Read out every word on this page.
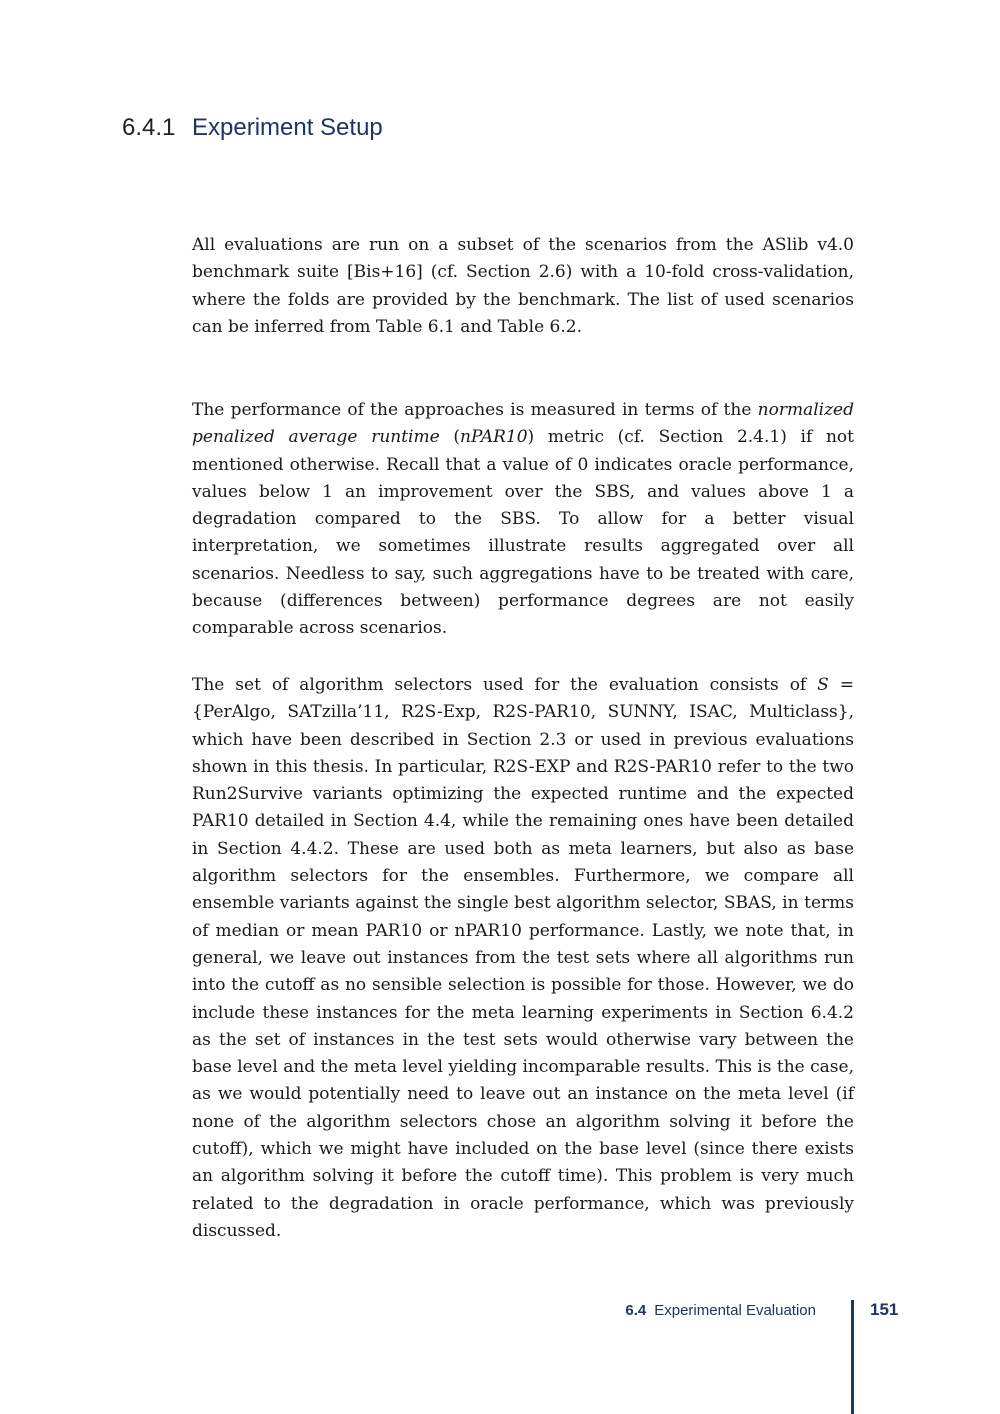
6.4.1 Experiment Setup

All evaluations are run on a subset of the scenarios from the ASlib v4.0 benchmark suite [Bis+16] (cf. Section 2.6) with a 10-fold cross-validation, where the folds are provided by the benchmark. The list of used scenarios can be inferred from Table 6.1 and Table 6.2.

The performance of the approaches is measured in terms of the normalized penalized average runtime (nPAR10) metric (cf. Section 2.4.1) if not mentioned otherwise. Recall that a value of 0 indicates oracle performance, values below 1 an improvement over the SBS, and values above 1 a degradation compared to the SBS. To allow for a better visual interpretation, we sometimes illustrate results aggregated over all scenarios. Needless to say, such aggregations have to be treated with care, because (differences between) performance degrees are not easily comparable across scenarios.

The set of algorithm selectors used for the evaluation consists of S = {PerAlgo, SATzilla’11, R2S-Exp, R2S-PAR10, SUNNY, ISAC, Multiclass}, which have been described in Section 2.3 or used in previous evaluations shown in this thesis. In particular, R2S-EXP and R2S-PAR10 refer to the two Run2Survive variants optimizing the expected runtime and the expected PAR10 detailed in Section 4.4, while the remaining ones have been detailed in Section 4.4.2. These are used both as meta learners, but also as base algorithm selectors for the ensembles. Furthermore, we compare all ensemble variants against the single best algorithm selector, SBAS, in terms of median or mean PAR10 or nPAR10 performance. Lastly, we note that, in general, we leave out instances from the test sets where all algorithms run into the cutoff as no sensible selection is possible for those. However, we do include these instances for the meta learning experiments in Section 6.4.2 as the set of instances in the test sets would otherwise vary between the base level and the meta level yielding incomparable results. This is the case, as we would potentially need to leave out an instance on the meta level (if none of the algorithm selectors chose an algorithm solving it before the cutoff), which we might have included on the base level (since there exists an algorithm solving it before the cutoff time). This problem is very much related to the degradation in oracle performance, which was previously discussed.

6.4 Experimental Evaluation	151
